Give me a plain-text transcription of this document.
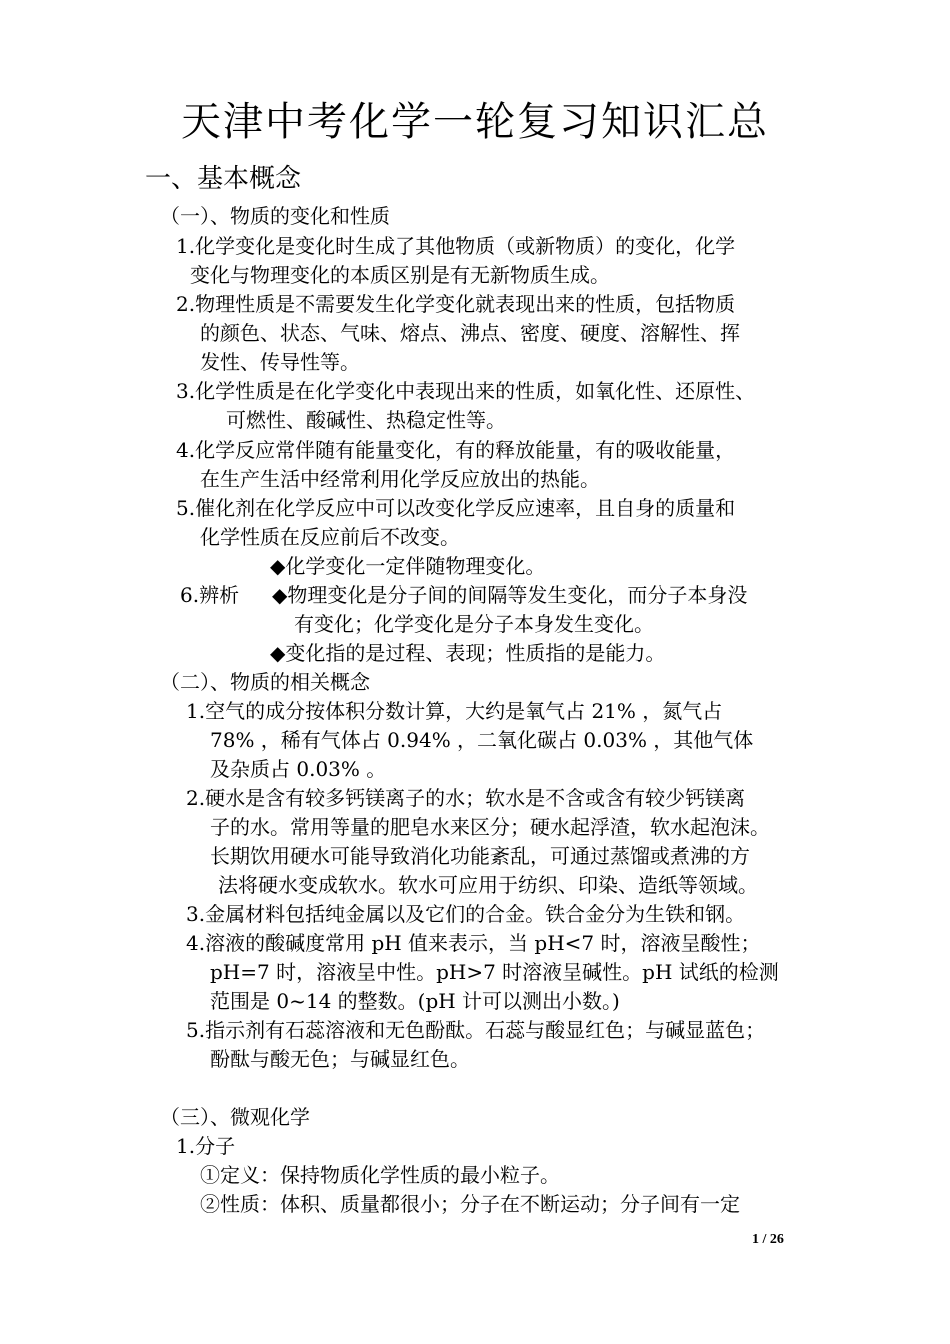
天津中考化学一轮复习知识汇总
一、基本概念
（一）、物质的变化和性质
1.化学变化是变化时生成了其他物质（或新物质）的变化，化学
变化与物理变化的本质区别是有无新物质生成。
2.物理性质是不需要发生化学变化就表现出来的性质，包括物质
的颜色、状态、气味、熔点、沸点、密度、硬度、溶解性、挥
发性、传导性等。
3.化学性质是在化学变化中表现出来的性质，如氧化性、还原性、
可燃性、酸碱性、热稳定性等。
4.化学反应常伴随有能量变化，有的释放能量，有的吸收能量，
在生产生活中经常利用化学反应放出的热能。
5.催化剂在化学反应中可以改变化学反应速率，且自身的质量和
化学性质在反应前后不改变。
◆化学变化一定伴随物理变化。
6.辨析 ◆物理变化是分子间的间隔等发生变化，而分子本身没
有变化；化学变化是分子本身发生变化。
◆变化指的是过程、表现；性质指的是能力。
（二）、物质的相关概念
1.空气的成分按体积分数计算，大约是氧气占 21% ，氮气占
78% ，稀有气体占 0.94% ，二氧化碳占 0.03% ，其他气体
及杂质占 0.03% 。
2.硬水是含有较多钙镁离子的水；软水是不含或含有较少钙镁离
子的水。常用等量的肥皂水来区分；硬水起浮渣，软水起泡沫。
长期饮用硬水可能导致消化功能紊乱，可通过蒸馏或煮沸的方
法将硬水变成软水。软水可应用于纺织、印染、造纸等领域。
3.金属材料包括纯金属以及它们的合金。铁合金分为生铁和钢。
4.溶液的酸碱度常用 pH 值来表示，当 pH<7 时，溶液呈酸性；
pH=7 时，溶液呈中性。pH>7 时溶液呈碱性。pH 试纸的检测
范围是 0~14 的整数。(pH 计可以测出小数。)
5.指示剂有石蕊溶液和无色酚酞。石蕊与酸显红色；与碱显蓝色；
酚酞与酸无色；与碱显红色。
（三）、微观化学
1.分子
①定义：保持物质化学性质的最小粒子。
②性质：体积、质量都很小；分子在不断运动；分子间有一定
1 / 26
